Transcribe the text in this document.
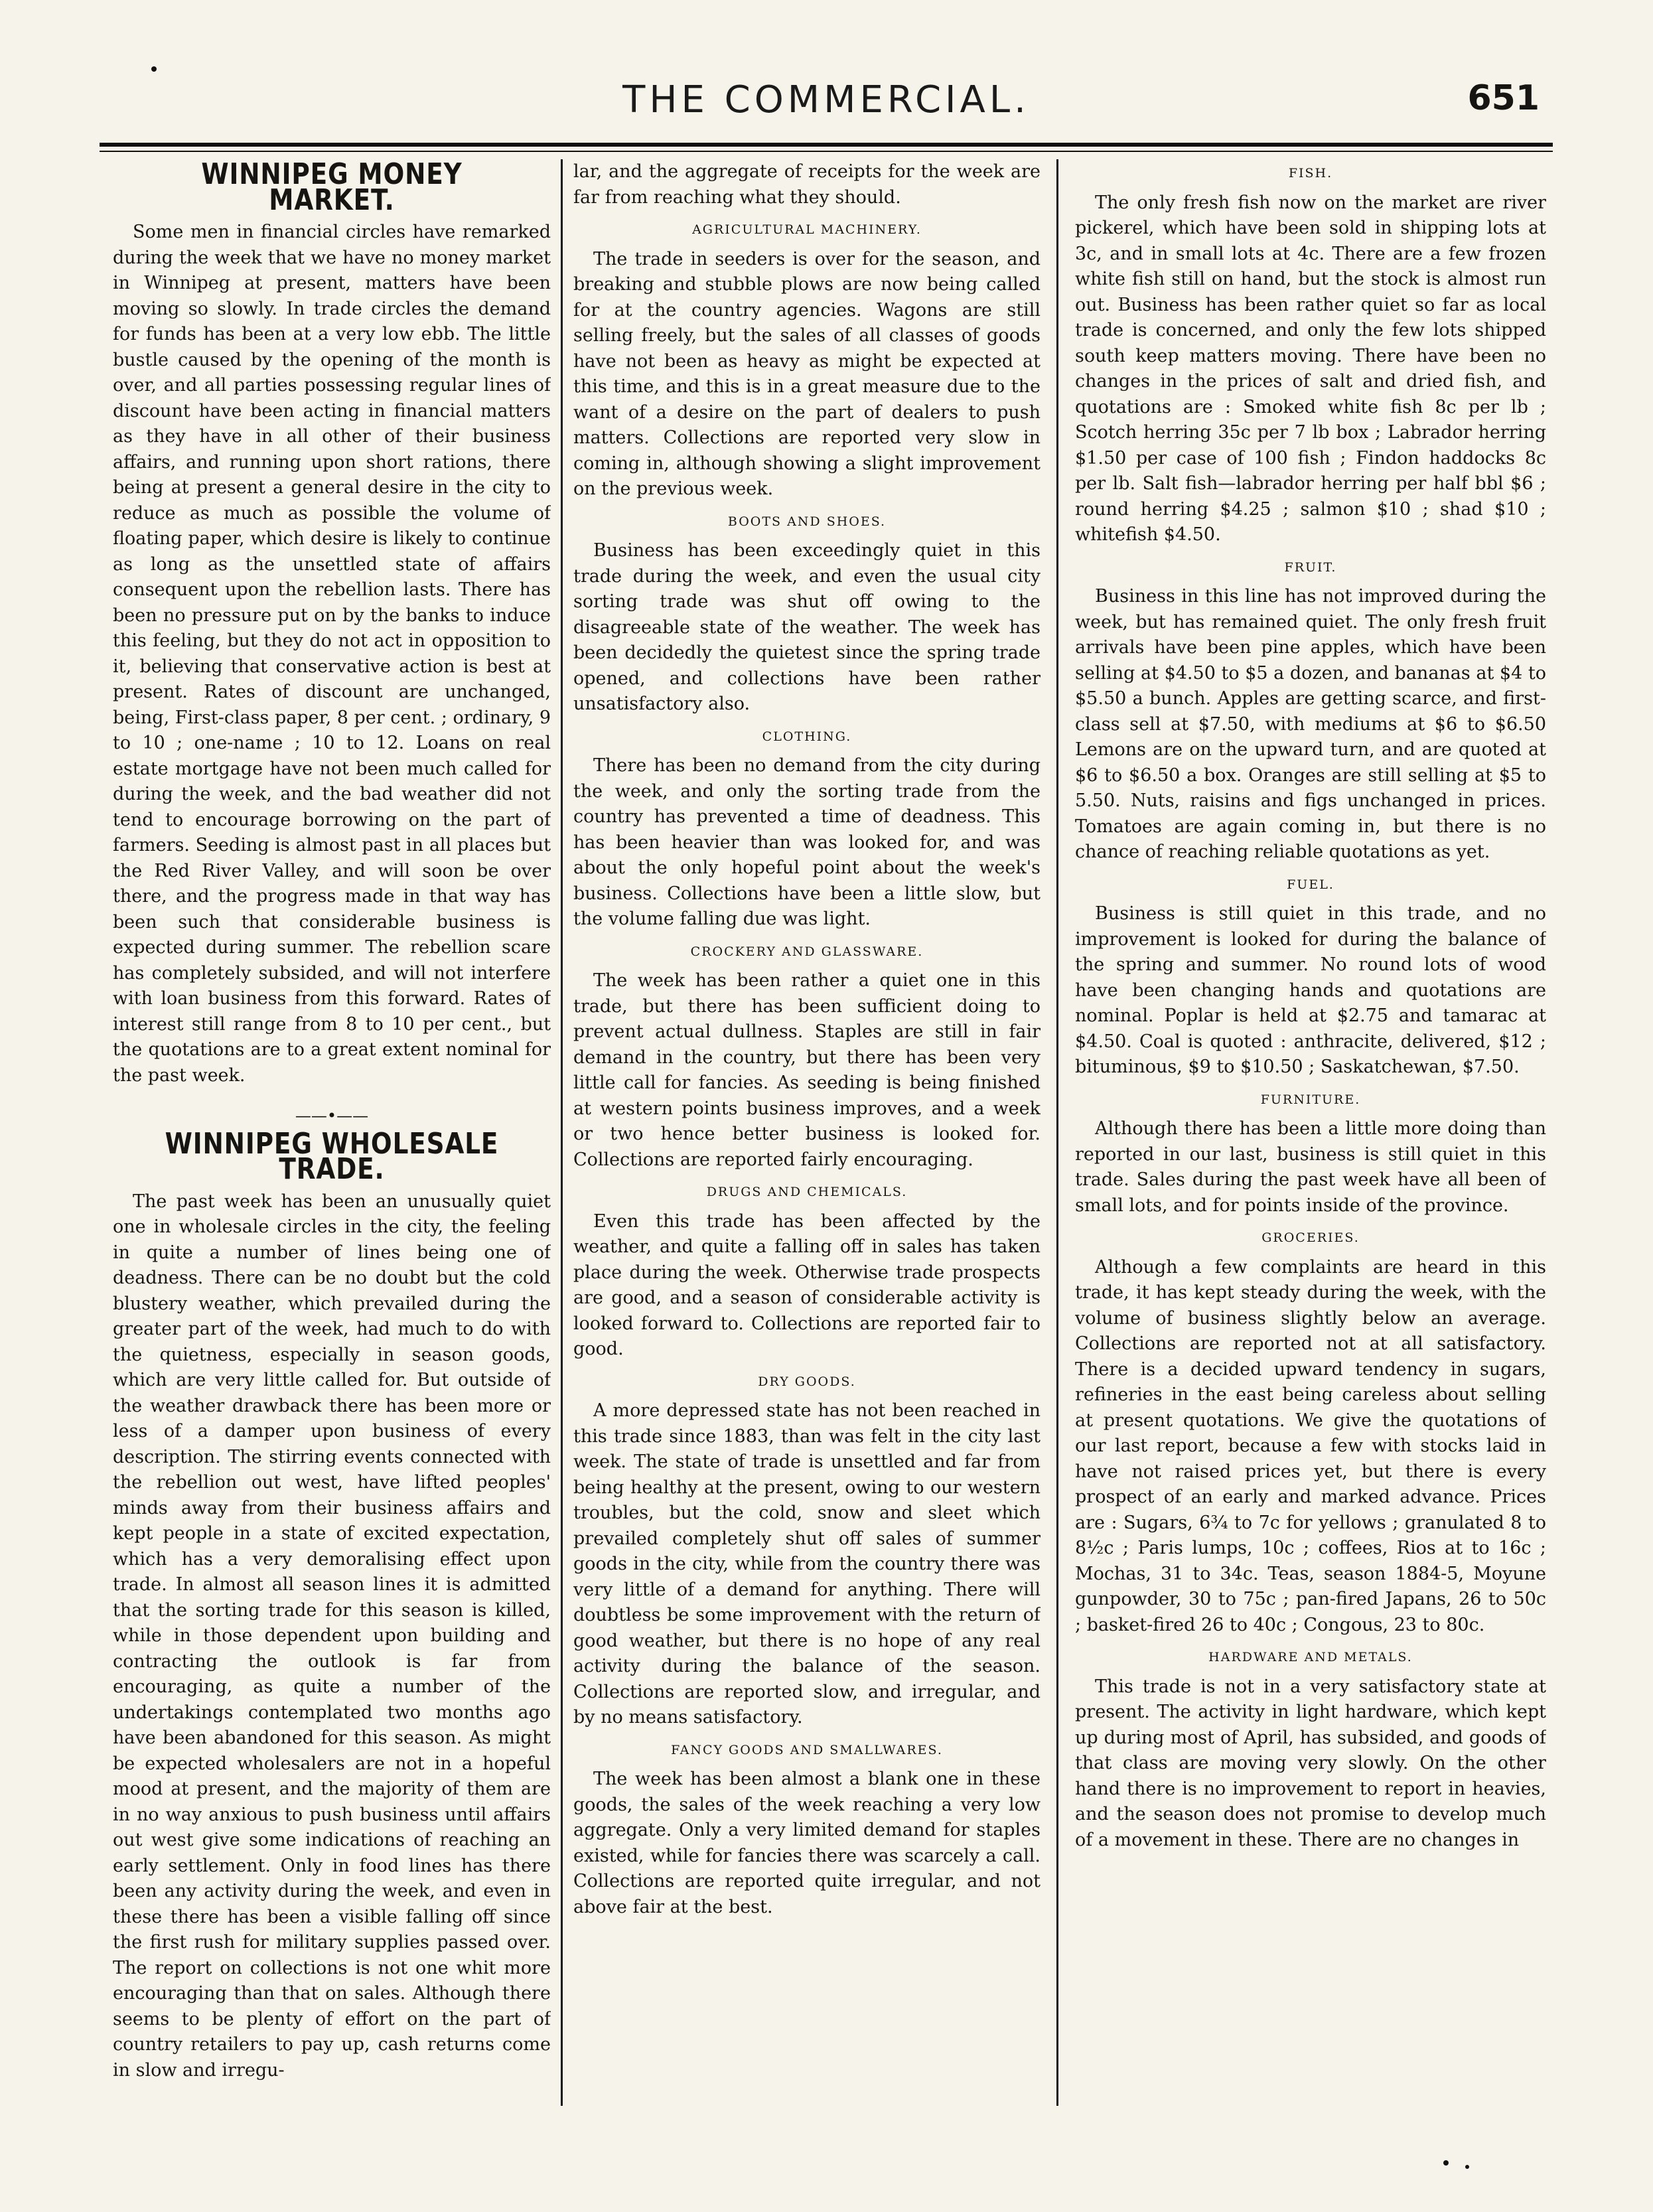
THE COMMERCIAL.	651
WINNIPEG MONEY MARKET.

Some men in financial circles have remarked during the week that we have no money market in Winnipeg at present, matters have been moving so slowly. In trade circles the demand for funds has been at a very low ebb. The little bustle caused by the opening of the month is over, and all parties possessing regular lines of discount have been acting in financial matters as they have in all other of their business affairs, and running upon short rations, there being at present a general desire in the city to reduce as much as possible the volume of floating paper, which desire is likely to continue as long as the unsettled state of affairs consequent upon the rebellion lasts. There has been no pressure put on by the banks to induce this feeling, but they do not act in opposition to it, believing that conservative action is best at present. Rates of discount are unchanged, being, First-class paper, 8 per cent. ; ordinary, 9 to 10 ; one-name ; 10 to 12. Loans on real estate mortgage have not been much called for during the week, and the bad weather did not tend to encourage borrowing on the part of farmers. Seeding is almost past in all places but the Red River Valley, and will soon be over there, and the progress made in that way has been such that considerable business is expected during summer. The rebellion scare has completely subsided, and will not interfere with loan business from this forward. Rates of interest still range from 8 to 10 per cent., but the quotations are to a great extent nominal for the past week.

——•——
WINNIPEG WHOLESALE TRADE.

The past week has been an unusually quiet one in wholesale circles in the city, the feeling in quite a number of lines being one of deadness. There can be no doubt but the cold blustery weather, which prevailed during the greater part of the week, had much to do with the quietness, especially in season goods, which are very little called for. But outside of the weather drawback there has been more or less of a damper upon business of every description. The stirring events connected with the rebellion out west, have lifted peoples' minds away from their business affairs and kept people in a state of excited expectation, which has a very demoralising effect upon trade. In almost all season lines it is admitted that the sorting trade for this season is killed, while in those dependent upon building and contracting the outlook is far from encouraging, as quite a number of the undertakings contemplated two months ago have been abandoned for this season. As might be expected wholesalers are not in a hopeful mood at present, and the majority of them are in no way anxious to push business until affairs out west give some indications of reaching an early settlement. Only in food lines has there been any activity during the week, and even in these there has been a visible falling off since the first rush for military supplies passed over. The report on collections is not one whit more encouraging than that on sales. Although there seems to be plenty of effort on the part of country retailers to pay up, cash returns come in slow and irregu-

lar, and the aggregate of receipts for the week are far from reaching what they should.

AGRICULTURAL MACHINERY.

The trade in seeders is over for the season, and breaking and stubble plows are now being called for at the country agencies. Wagons are still selling freely, but the sales of all classes of goods have not been as heavy as might be expected at this time, and this is in a great measure due to the want of a desire on the part of dealers to push matters. Collections are reported very slow in coming in, although showing a slight improvement on the previous week.

BOOTS AND SHOES.

Business has been exceedingly quiet in this trade during the week, and even the usual city sorting trade was shut off owing to the disagreeable state of the weather. The week has been decidedly the quietest since the spring trade opened, and collections have been rather unsatisfactory also.

CLOTHING.

There has been no demand from the city during the week, and only the sorting trade from the country has prevented a time of deadness. This has been heavier than was looked for, and was about the only hopeful point about the week's business. Collections have been a little slow, but the volume falling due was light.

CROCKERY AND GLASSWARE.

The week has been rather a quiet one in this trade, but there has been sufficient doing to prevent actual dullness. Staples are still in fair demand in the country, but there has been very little call for fancies. As seeding is being finished at western points business improves, and a week or two hence better business is looked for. Collections are reported fairly encouraging.

DRUGS AND CHEMICALS.

Even this trade has been affected by the weather, and quite a falling off in sales has taken place during the week. Otherwise trade prospects are good, and a season of considerable activity is looked forward to. Collections are reported fair to good.

DRY GOODS.

A more depressed state has not been reached in this trade since 1883, than was felt in the city last week. The state of trade is unsettled and far from being healthy at the present, owing to our western troubles, but the cold, snow and sleet which prevailed completely shut off sales of summer goods in the city, while from the country there was very little of a demand for anything. There will doubtless be some improvement with the return of good weather, but there is no hope of any real activity during the balance of the season. Collections are reported slow, and irregular, and by no means satisfactory.

FANCY GOODS AND SMALLWARES.

The week has been almost a blank one in these goods, the sales of the week reaching a very low aggregate. Only a very limited demand for staples existed, while for fancies there was scarcely a call. Collections are reported quite irregular, and not above fair at the best.

FISH.

The only fresh fish now on the market are river pickerel, which have been sold in shipping lots at 3c, and in small lots at 4c. There are a few frozen white fish still on hand, but the stock is almost run out. Business has been rather quiet so far as local trade is concerned, and only the few lots shipped south keep matters moving. There have been no changes in the prices of salt and dried fish, and quotations are : Smoked white fish 8c per lb ; Scotch herring 35c per 7 lb box ; Labrador herring $1.50 per case of 100 fish ; Findon haddocks 8c per lb. Salt fish—labrador herring per half bbl $6 ; round herring $4.25 ; salmon $10 ; shad $10 ; whitefish $4.50.

FRUIT.

Business in this line has not improved during the week, but has remained quiet. The only fresh fruit arrivals have been pine apples, which have been selling at $4.50 to $5 a dozen, and bananas at $4 to $5.50 a bunch. Apples are getting scarce, and first-class sell at $7.50, with mediums at $6 to $6.50 Lemons are on the upward turn, and are quoted at $6 to $6.50 a box. Oranges are still selling at $5 to 5.50. Nuts, raisins and figs unchanged in prices. Tomatoes are again coming in, but there is no chance of reaching reliable quotations as yet.

FUEL.

Business is still quiet in this trade, and no improvement is looked for during the balance of the spring and summer. No round lots of wood have been changing hands and quotations are nominal. Poplar is held at $2.75 and tamarac at $4.50. Coal is quoted : anthracite, delivered, $12 ; bituminous, $9 to $10.50 ; Saskatchewan, $7.50.

FURNITURE.

Although there has been a little more doing than reported in our last, business is still quiet in this trade. Sales during the past week have all been of small lots, and for points inside of the province.

GROCERIES.

Although a few complaints are heard in this trade, it has kept steady during the week, with the volume of business slightly below an average. Collections are reported not at all satisfactory. There is a decided upward tendency in sugars, refineries in the east being careless about selling at present quotations. We give the quotations of our last report, because a few with stocks laid in have not raised prices yet, but there is every prospect of an early and marked advance. Prices are : Sugars, 6¾ to 7c for yellows ; granulated 8 to 8½c ; Paris lumps, 10c ; coffees, Rios at to 16c ; Mochas, 31 to 34c. Teas, season 1884-5, Moyune gunpowder, 30 to 75c ; pan-fired Japans, 26 to 50c ; basket-fired 26 to 40c ; Congous, 23 to 80c.

HARDWARE AND METALS.

This trade is not in a very satisfactory state at present. The activity in light hardware, which kept up during most of April, has subsided, and goods of that class are moving very slowly. On the other hand there is no improvement to report in heavies, and the season does not promise to develop much of a movement in these. There are no changes in
